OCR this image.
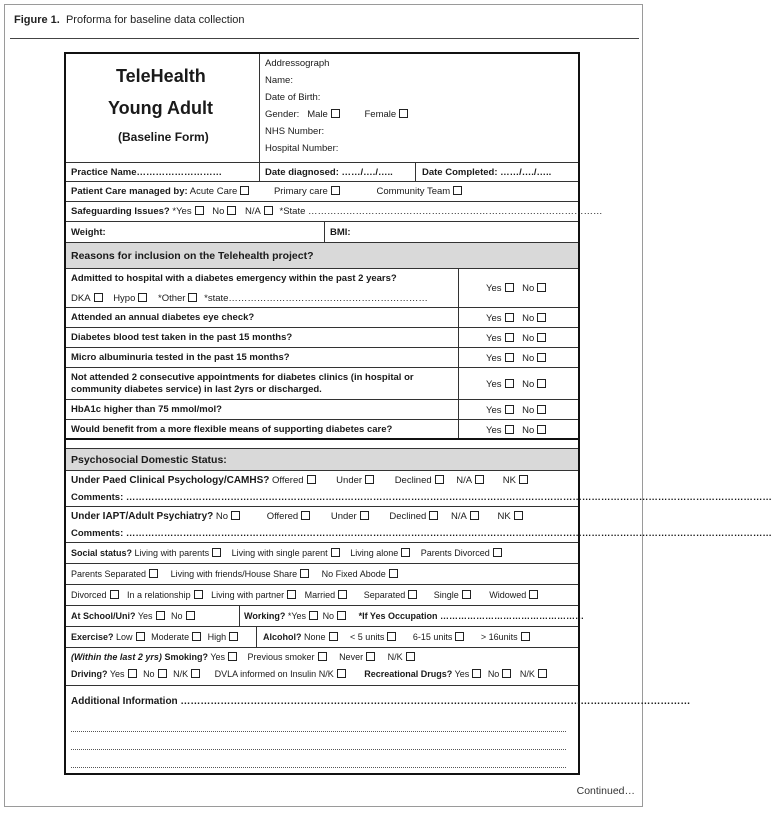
Figure 1. Proforma for baseline data collection
TeleHealth
Young Adult
(Baseline Form)
Addressograph
Name:
Date of Birth:
Gender: Male	Female
NHS Number:
Hospital Number:
Practice Name………………………	Date diagnosed: ……/…./…..	Date Completed: ……/…./…..
Patient Care managed by: Acute Care	Primary care	Community Team
Safeguarding Issues? *Yes No N/A *State …………………………………………………………………………………
Weight:	BMI:
Reasons for inclusion on the Telehealth project?
Admitted to hospital with a diabetes emergency within the past 2 years?
DKA Hypo *Other *state………………………………………………………
Yes No
Attended an annual diabetes eye check?	Yes No
Diabetes blood test taken in the past 15 months?	Yes No
Micro albuminuria tested in the past 15 months?	Yes No
Not attended 2 consecutive appointments for diabetes clinics (in hospital or
community diabetes service) in last 2yrs or discharged.	Yes No
HbA1c higher than 75 mmol/mol?	Yes No
Would benefit from a more flexible means of supporting diabetes care?	Yes No
Psychosocial Domestic Status:
Under Paed Clinical Psychology/CAMHS? Offered	Under	Declined	N/A	NK
Comments: ……………………………………………………………………………………………………………………………………………………………………………………
Under IAPT/Adult Psychiatry? No	Offered	Under	Declined	N/A	NK
Comments: ……………………………………………………………………………………………………………………………………………………………………………………
Social status? Living with parents	Living with single parent	Living alone	Parents Divorced
Parents Separated	Living with friends/House Share	No Fixed Abode
Divorced In a relationship Living with partner Married	Separated	Single	Widowed
At School/Uni? Yes No	Working? *Yes No	*If Yes Occupation …………………………………………
Exercise? Low Moderate High	Alcohol? None	< 5 units	6-15 units	> 16units
(Within the last 2 yrs) Smoking? Yes	Previous smoker	Never	N/K
Driving? Yes No N/K	DVLA informed on Insulin N/K	Recreational Drugs? Yes No N/K
Additional Information ………………………………………………………………………………………………………………………………………
Continued…
